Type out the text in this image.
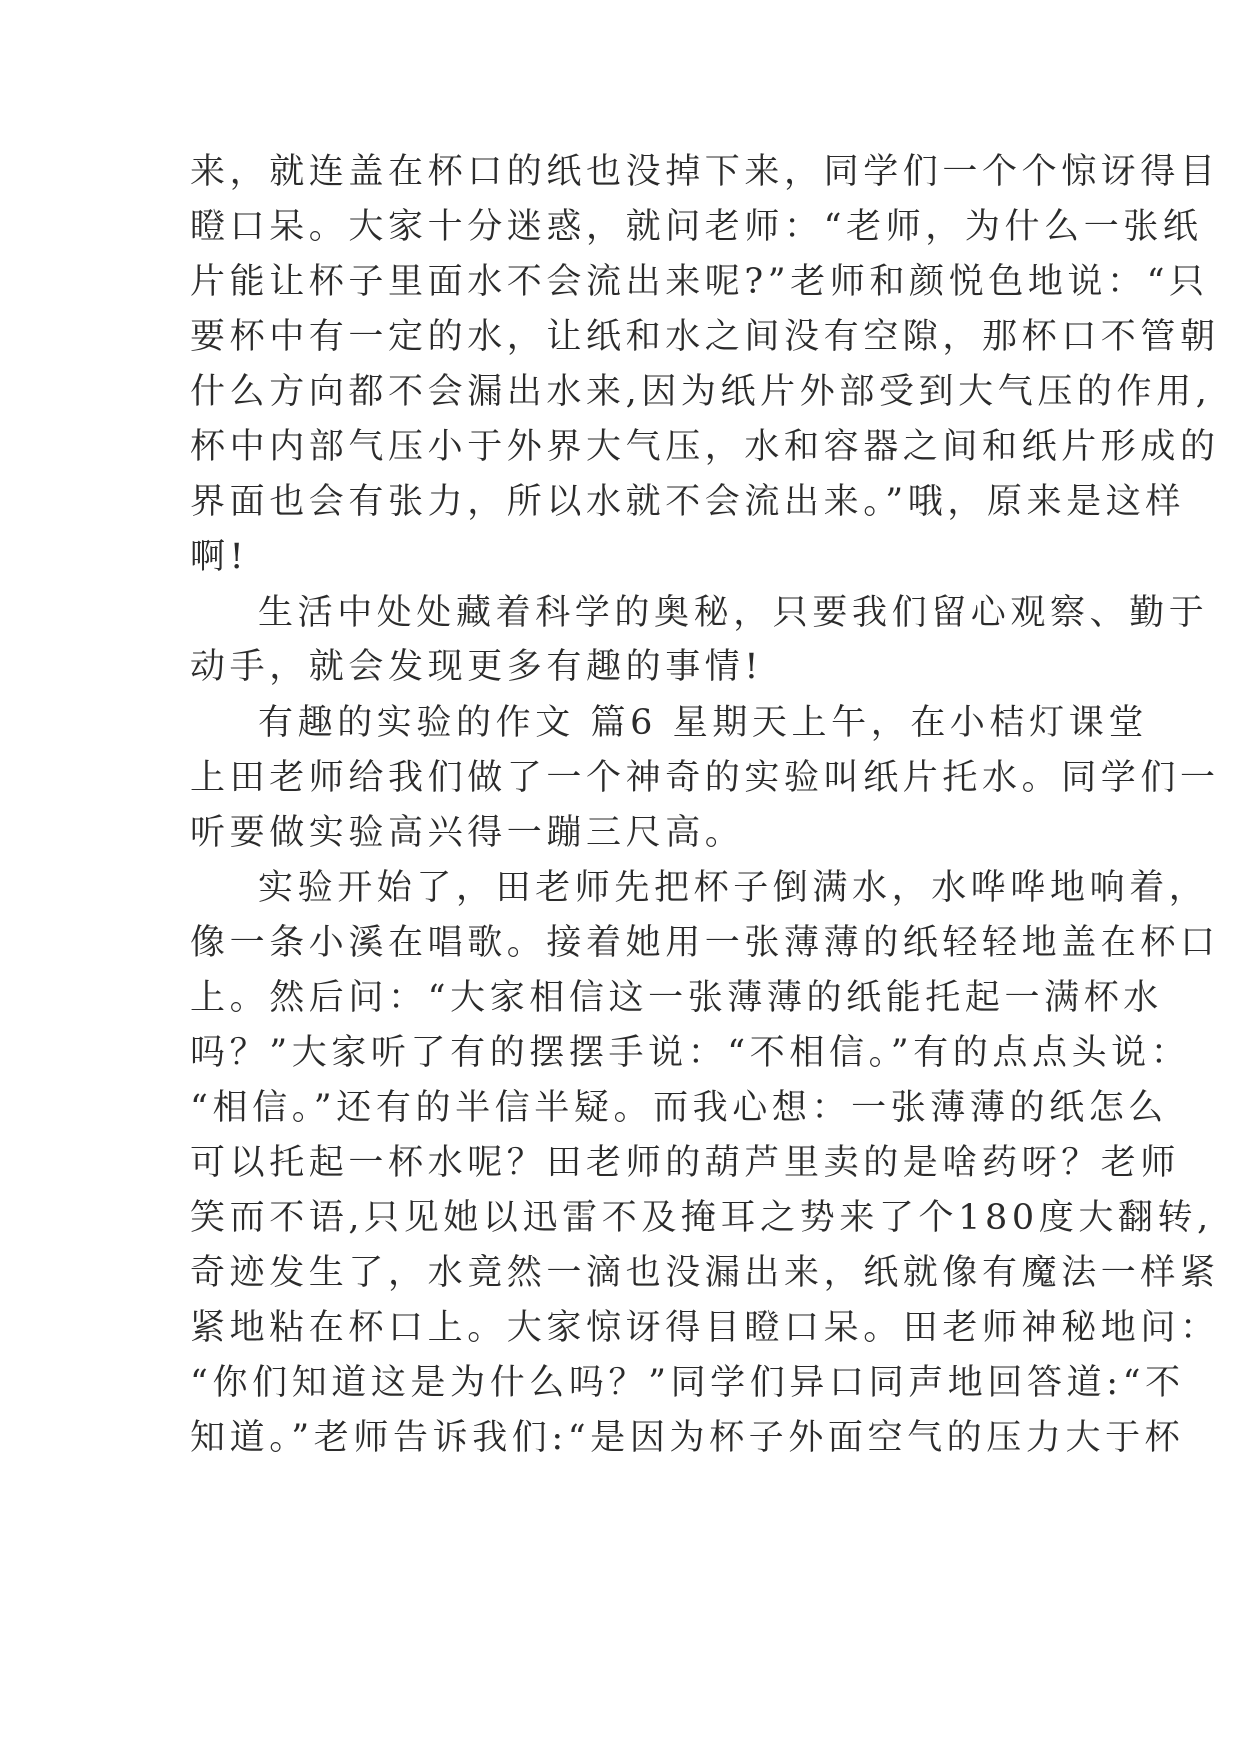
来，就连盖在杯口的纸也没掉下来，同学们一个个惊讶得目
瞪口呆。大家十分迷惑，就问老师：“老师，为什么一张纸
片能让杯子里面水不会流出来呢?”老师和颜悦色地说：“只
要杯中有一定的水，让纸和水之间没有空隙，那杯口不管朝
什么方向都不会漏出水来,因为纸片外部受到大气压的作用,
杯中内部气压小于外界大气压，水和容器之间和纸片形成的
界面也会有张力，所以水就不会流出来。”哦，原来是这样
啊!
生活中处处藏着科学的奥秘，只要我们留心观察、勤于
动手，就会发现更多有趣的事情!
有趣的实验的作文 篇6 星期天上午，在小桔灯课堂
上田老师给我们做了一个神奇的实验叫纸片托水。同学们一
听要做实验高兴得一蹦三尺高。
实验开始了，田老师先把杯子倒满水，水哗哗地响着，
像一条小溪在唱歌。接着她用一张薄薄的纸轻轻地盖在杯口
上。然后问：“大家相信这一张薄薄的纸能托起一满杯水
吗？”大家听了有的摆摆手说：“不相信。”有的点点头说：
“相信。”还有的半信半疑。而我心想：一张薄薄的纸怎么
可以托起一杯水呢？田老师的葫芦里卖的是啥药呀？老师
笑而不语,只见她以迅雷不及掩耳之势来了个180度大翻转,
奇迹发生了，水竟然一滴也没漏出来，纸就像有魔法一样紧
紧地粘在杯口上。大家惊讶得目瞪口呆。田老师神秘地问：
“你们知道这是为什么吗？”同学们异口同声地回答道:“不
知道。”老师告诉我们:“是因为杯子外面空气的压力大于杯
